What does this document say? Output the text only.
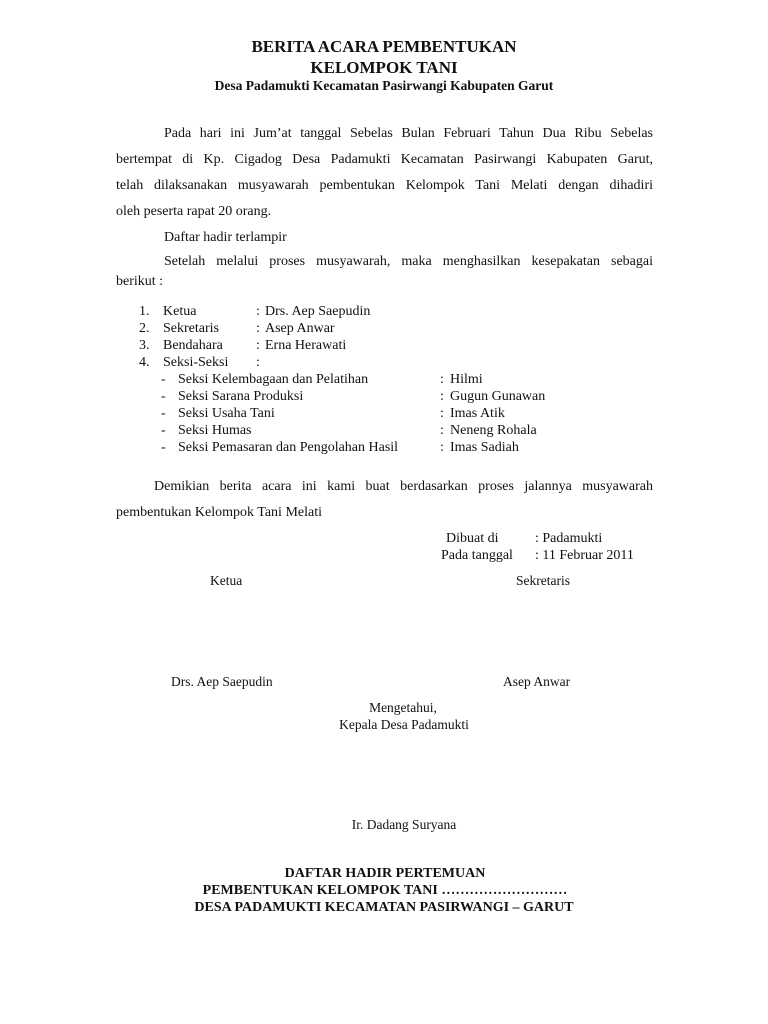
BERITA ACARA PEMBENTUKAN
KELOMPOK TANI
Desa Padamukti Kecamatan Pasirwangi Kabupaten Garut
Pada hari ini Jum’at tanggal Sebelas Bulan Februari Tahun Dua Ribu Sebelas
bertempat di Kp. Cigadog Desa Padamukti Kecamatan Pasirwangi Kabupaten Garut,
telah dilaksanakan musyawarah pembentukan Kelompok Tani Melati dengan dihadiri
oleh peserta rapat 20 orang.
Daftar hadir terlampir
Setelah melalui proses musyawarah, maka menghasilkan kesepakatan sebagai
berikut :
1. Ketua	: Drs. Aep Saepudin
2. Sekretaris	: Asep Anwar
3. Bendahara : Erna Herawati
4. Seksi-Seksi :
- Seksi Kelembagaan dan Pelatihan	: Hilmi
- Seksi Sarana Produksi	: Gugun Gunawan
- Seksi Usaha Tani	: Imas Atik
- Seksi Humas	: Neneng Rohala
- Seksi Pemasaran dan Pengolahan Hasil	: Imas Sadiah
Demikian berita acara ini kami buat berdasarkan proses jalannya musyawarah
pembentukan Kelompok Tani Melati
Dibuat di	: Padamukti
Pada tanggal : 11 Februar 2011
Ketua	Sekretaris
Drs. Aep Saepudin	Asep Anwar
Mengetahui,
Kepala Desa Padamukti
Ir. Dadang Suryana
DAFTAR HADIR PERTEMUAN
PEMBENTUKAN KELOMPOK TANI ………………………
DESA PADAMUKTI KECAMATAN PASIRWANGI – GARUT
